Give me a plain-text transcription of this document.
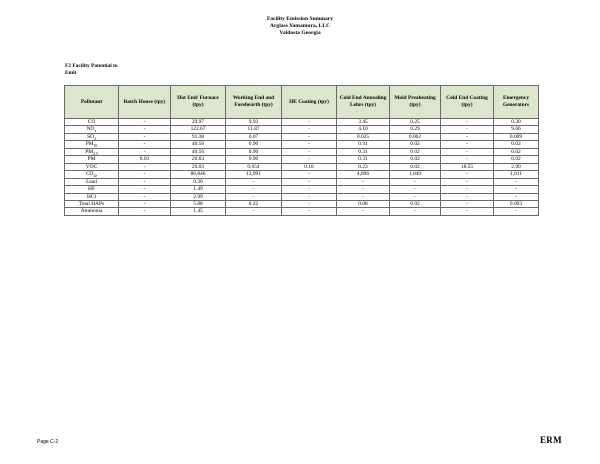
Facility Emission Summary
Arglass Yamamura, LLC
Valdosta Georgia
F2 Facility Potential to Emit
Pollutant	Batch House (tpy)	Hot End/ Furnace (tpy)	Working End and Forehearth (tpy)	HE Coating (tpy)	Cold End Annealing Lehrs (tpy)	Mold Preaheating (tpy)	Cold End Coating (tpy)	Emergency Generators
CO	-	29.97	9.93	-	3.45	0.25	-	0.30
$NO_x$	-	122.67	11.87	-	4.10	0.29	-	9.66
$SO_2$	-	91.38	0.07	-	0.025	0.002	-	0.009
$PM_{10}$	-	40.56	0.90	-	0.31	0.02	-	0.02
$PM_{2.5}$	-	40.56	0.90	-	0.31	0.02	-	0.02
PM	6.03	20.63	0.90	-	0.31	0.02	-	0.02
VOC	-	20.03	0.654	0.18	0.23	0.02	18.55	2.90
$CO_{2e}$	-	86,846	13,991	-	4,896	1,049	-	1,011
Lead	-	0.30	-	-	-	-	-	-
HF	-	1.49	-	-	-	-	-	-
HCl	-	2.99	-	-	-	-	-	-
Total HAPs	-	5.88	0.22	-	0.08	0.02	-	0.003
Ammonia	-	1.45	-	-	-	-	-	-
Page C-2	ERM
